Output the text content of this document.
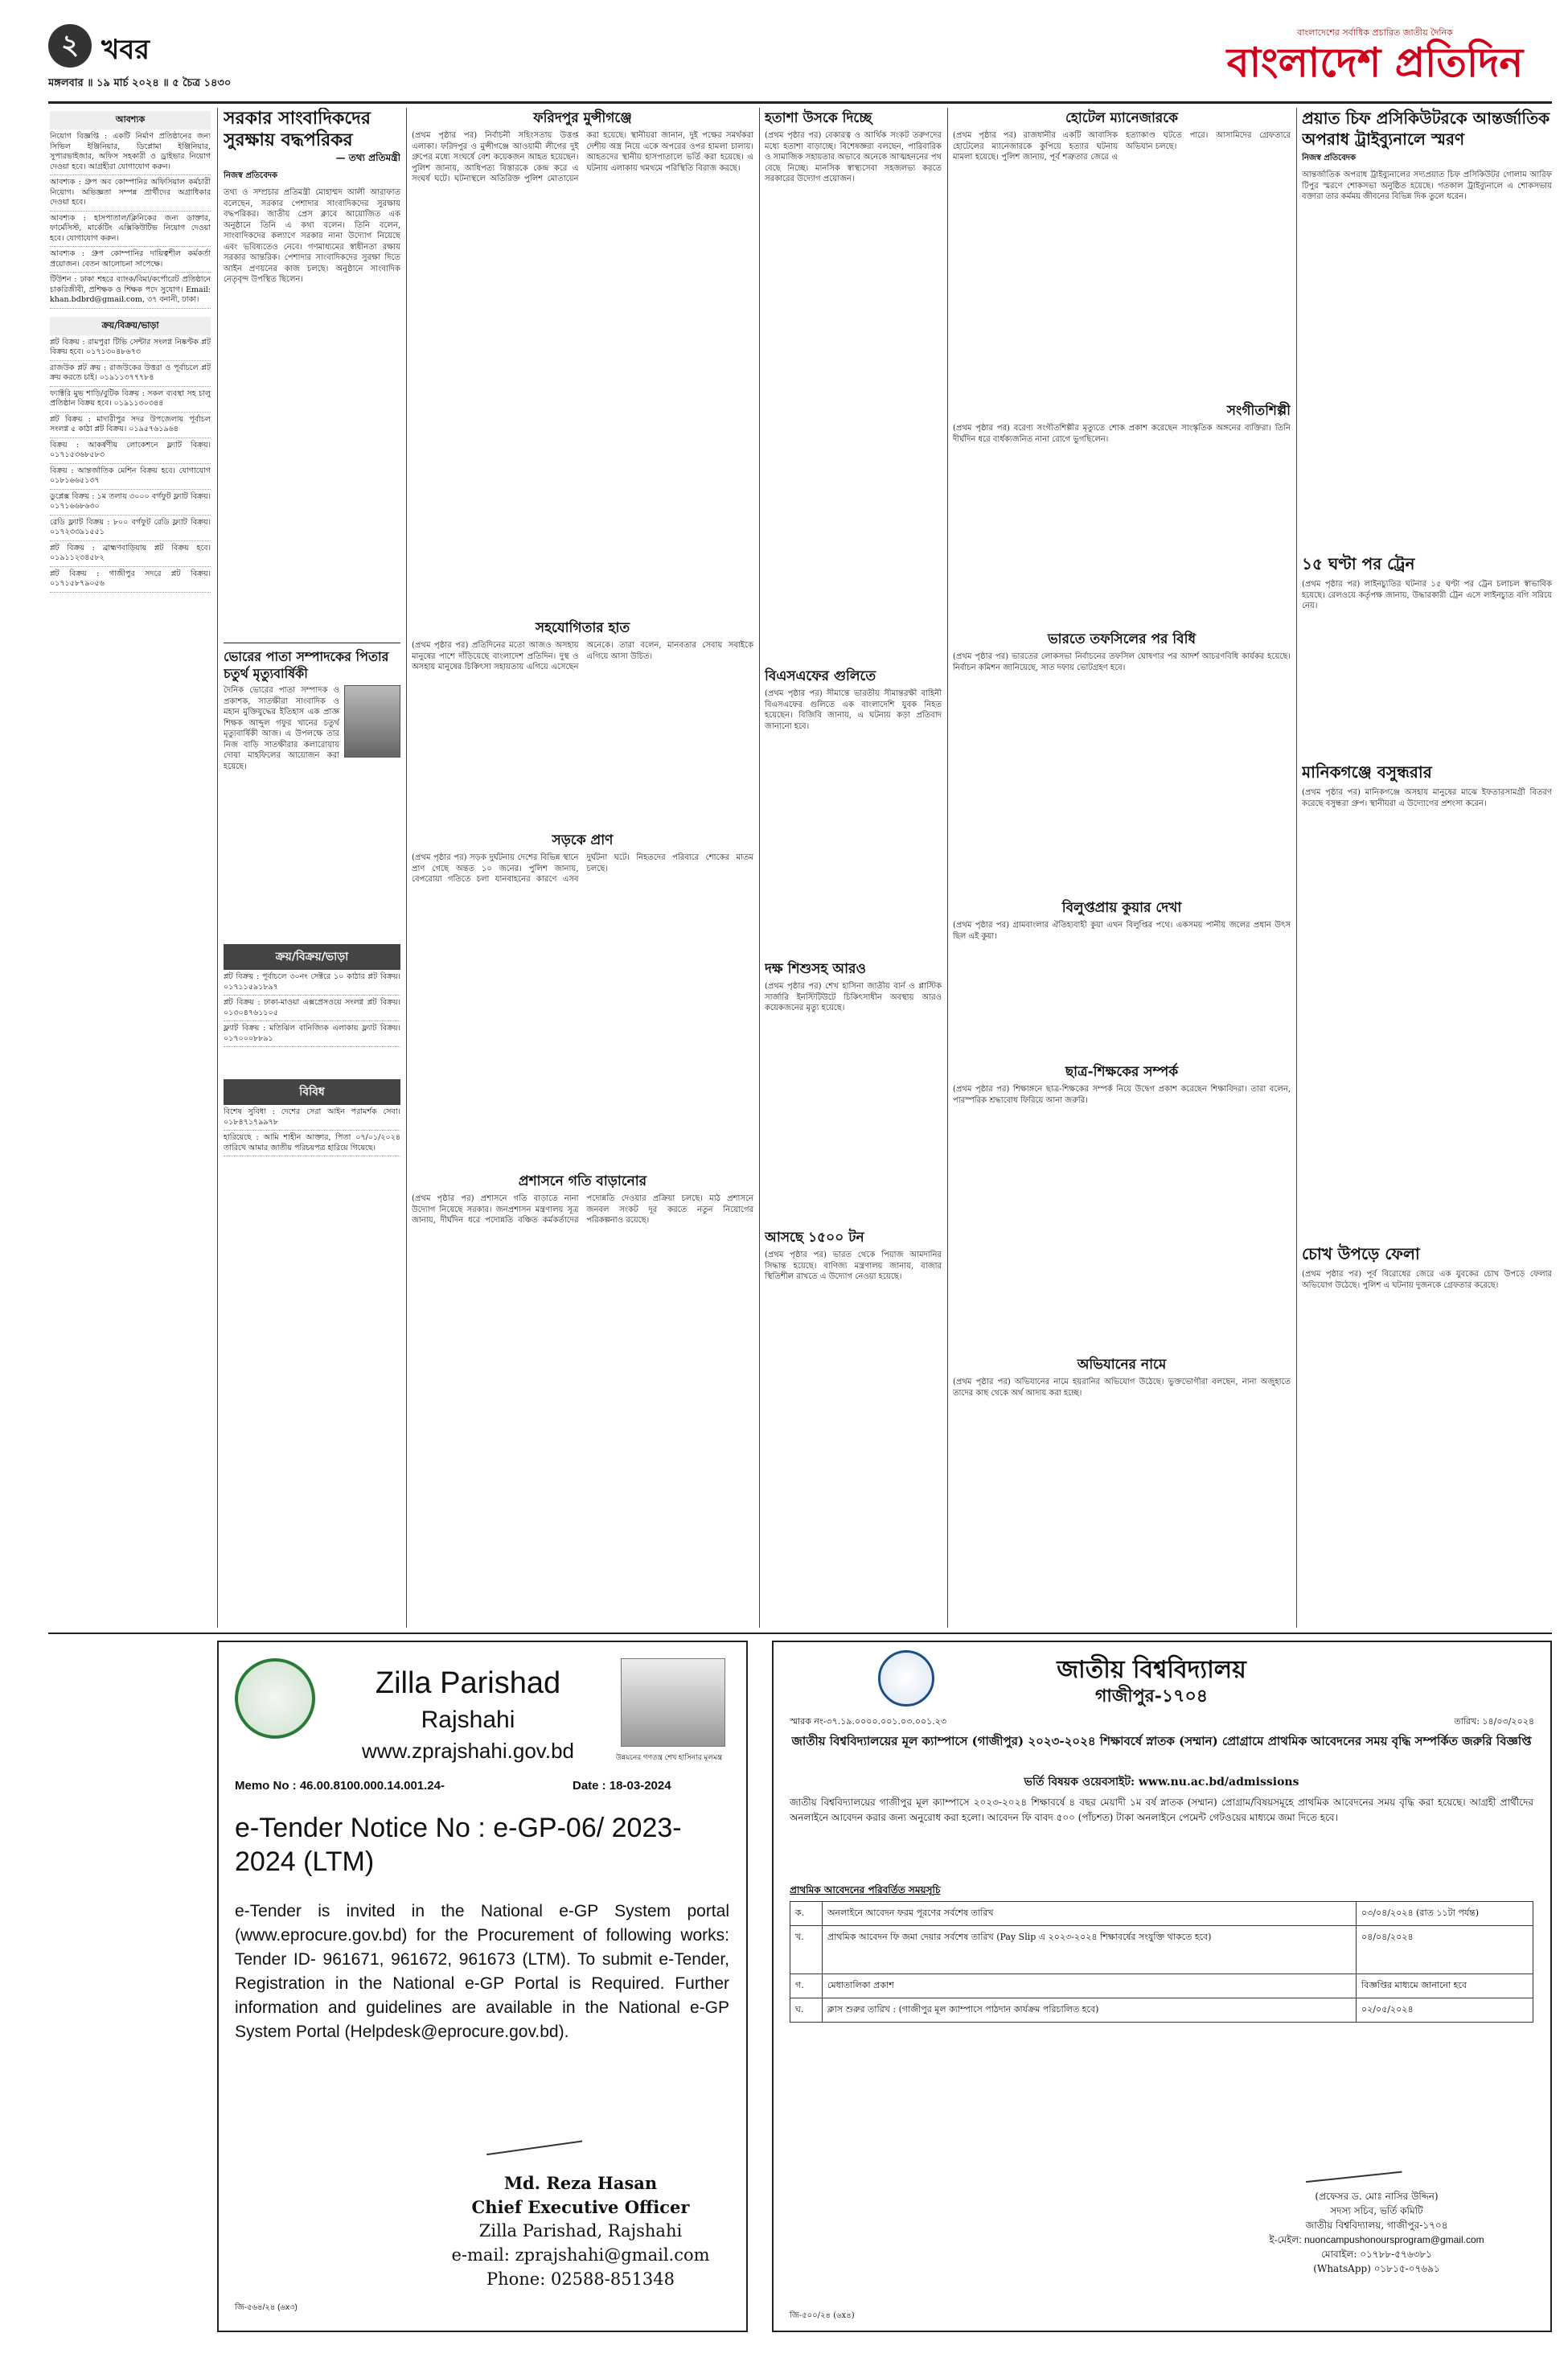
২ খবর
মঙ্গলবার ॥ ১৯ মার্চ ২০২৪ ॥ ৫ চৈত্র ১৪৩০
বাংলাদেশের সর্বাধিক প্রচারিত জাতীয় দৈনিক
বাংলাদেশ প্রতিদিন
আবশ্যক
নিয়োগ বিজ্ঞপ্তি : একটি নির্মাণ প্রতিষ্ঠানের জন্য সিভিল ইঞ্জিনিয়ার, ডিপ্লোমা ইঞ্জিনিয়ার, সুপারভাইজার, অফিস সহকারী ও ড্রাইভার নিয়োগ দেওয়া হবে। আগ্রহীরা যোগাযোগ করুন।
আবশ্যক : গ্রুপ অব কোম্পানির অফিসিয়াল কর্মচারী নিয়োগ। অভিজ্ঞতা সম্পন্ন প্রার্থীদের অগ্রাধিকার দেওয়া হবে।
আবশ্যক : হাসপাতাল/ক্লিনিকের জন্য ডাক্তার, ফার্মেসিস্ট, মার্কেটিং এক্সিকিউটিভ নিয়োগ দেওয়া হবে। যোগাযোগ করুন।
আবশ্যক : গ্রুপ কোম্পানির দায়িত্বশীল কর্মকর্তা প্রয়োজন। বেতন আলোচনা সাপেক্ষে।
টিউশন : ঢাকা শহরে ব্যাংক/বিমা/কর্পোরেট প্রতিষ্ঠানে চাকরিজীবী, প্রশিক্ষক ও শিক্ষক পদে সুযোগ। Email: khan.bdbrd@gmail.com, ৩৭ বনানী, ঢাকা।
ক্রয়/বিক্রয়/ভাড়া
প্লট বিক্রয় : রামপুরা টিভি সেন্টার সংলগ্ন নিষ্কণ্টক প্লট বিক্রয় হবে। ০১৭১৩০৪৮৬৭৩
রাজউক প্লট ক্রয় : রাজউকের উত্তরা ও পূর্বাচলে প্লট ক্রয় করতে চাই। ০১৯১১৩৭৭৭৮৪
ফ্যাক্টরি মুভ শাড়ি/বুটিক বিক্রয় : সকল ব্যবস্থা সহ চালু প্রতিষ্ঠান বিক্রয় হবে। ০১৯১১৩০৩৪৪
প্লট বিক্রয় : মাদারীপুর সদর উপজেলায় পূর্বাচল সংলগ্ন ৫ কাঠা প্লট বিক্রয়। ০১৯৫৭৬১৯৬৪
বিক্রয় : আকর্ষণীয় লোকেশনে ফ্ল্যাট বিক্রয়। ০১৭১৫৩৬৮৫৮৩
বিক্রয় : আন্তর্জাতিক মেশিন বিক্রয় হবে। যোগাযোগ ০১৮১৬৬৫১৩৭
ডুপ্লেক্স বিক্রয় : ১ম তলায় ৩০০০ বর্গফুট ফ্ল্যাট বিক্রয়। ০১৭১৬৬৮৬৩০
রেডি ফ্ল্যাট বিক্রয় : ৮০০ বর্গফুট রেডি ফ্ল্যাট বিক্রয়। ০১৭২৩৩৯১৫৫১
প্লট বিক্রয় : ব্রাহ্মণবাড়িয়ায় প্লট বিক্রয় হবে। ০১৯১১২৩৪৫৮২
প্লট বিক্রয় : গাজীপুর সদরে প্লট বিক্রয়। ০১৭১৫৮৭৯০৫৬
সরকার সাংবাদিকদের সুরক্ষায় বদ্ধপরিকর
— তথ্য প্রতিমন্ত্রী
নিজস্ব প্রতিবেদক
তথ্য ও সম্প্রচার প্রতিমন্ত্রী মোহাম্মদ আলী আরাফাত বলেছেন, সরকার পেশাদার সাংবাদিকদের সুরক্ষায় বদ্ধপরিকর। জাতীয় প্রেস ক্লাবে আয়োজিত এক অনুষ্ঠানে তিনি এ কথা বলেন। তিনি বলেন, সাংবাদিকদের কল্যাণে সরকার নানা উদ্যোগ নিয়েছে এবং ভবিষ্যতেও নেবে। গণমাধ্যমের স্বাধীনতা রক্ষায় সরকার আন্তরিক। পেশাদার সাংবাদিকদের সুরক্ষা দিতে আইন প্রণয়নের কাজ চলছে। অনুষ্ঠানে সাংবাদিক নেতৃবৃন্দ উপস্থিত ছিলেন।
ভোরের পাতা সম্পাদকের পিতার চতুর্থ মৃত্যুবার্ষিকী
দৈনিক ভোরের পাতা সম্পাদক ও প্রকাশক, সাতক্ষীরা সাংবাদিক ও মহান মুক্তিযুদ্ধের ইতিহাস এক প্রাজ্ঞ শিক্ষক আব্দুল গফুর খানের চতুর্থ মৃত্যুবার্ষিকী আজ। এ উপলক্ষে তার নিজ বাড়ি সাতক্ষীরার কলারোয়ায় দোয়া মাহফিলের আয়োজন করা হয়েছে।
ক্রয়/বিক্রয়/ভাড়া
প্লট বিক্রয় : পূর্বাচলে ৩০নং সেক্টরে ১০ কাঠার প্লট বিক্রয়। ০১৭১১৫৯১৮৯৭
প্লট বিক্রয় : ঢাকা-মাওয়া এক্সপ্রেসওয়ে সংলগ্ন প্লট বিক্রয়। ০১৩০৪৭৬১১০৫
ফ্ল্যাট বিক্রয় : মতিঝিল বানিজ্যিক এলাকায় ফ্ল্যাট বিক্রয়। ০১৭০০০৮৮৯১
বিবিধ
বিশেষ সুবিধা : দেশের সেরা আইন পরামর্শক সেবা। ০১৮৪৭১৭৯৯৭৮
হারিয়েছে : আমি শাহীন আক্তার, পিতা ০৭/০১/২০২৪ তারিখে আমার জাতীয় পরিচয়পত্র হারিয়ে গিয়েছে।
ফরিদপুর মুন্সীগঞ্জে
(প্রথম পৃষ্ঠার পর) নির্বাচনী সহিংসতায় উত্তপ্ত এলাকা। ফরিদপুর ও মুন্সীগঞ্জে আওয়ামী লীগের দুই গ্রুপের মধ্যে সংঘর্ষে বেশ কয়েকজন আহত হয়েছেন। পুলিশ জানায়, আধিপত্য বিস্তারকে কেন্দ্র করে এ সংঘর্ষ ঘটে। ঘটনাস্থলে অতিরিক্ত পুলিশ মোতায়েন করা হয়েছে। স্থানীয়রা জানান, দুই পক্ষের সমর্থকরা দেশীয় অস্ত্র নিয়ে একে অপরের ওপর হামলা চালায়। আহতদের স্থানীয় হাসপাতালে ভর্তি করা হয়েছে। এ ঘটনায় এলাকায় থমথমে পরিস্থিতি বিরাজ করছে।
সহযোগিতার হাত
(প্রথম পৃষ্ঠার পর) প্রতিদিনের মতো আজও অসহায় মানুষের পাশে দাঁড়িয়েছে বাংলাদেশ প্রতিদিন। দুস্থ ও অসহায় মানুষের চিকিৎসা সহায়তায় এগিয়ে এসেছেন অনেকে। তারা বলেন, মানবতার সেবায় সবাইকে এগিয়ে আসা উচিত।
সড়কে প্রাণ
(প্রথম পৃষ্ঠার পর) সড়ক দুর্ঘটনায় দেশের বিভিন্ন স্থানে প্রাণ গেছে অন্তত ১০ জনের। পুলিশ জানায়, বেপরোয়া গতিতে চলা যানবাহনের কারণে এসব দুর্ঘটনা ঘটে। নিহতদের পরিবারে শোকের মাতম চলছে।
প্রশাসনে গতি বাড়ানোর
(প্রথম পৃষ্ঠার পর) প্রশাসনে গতি বাড়াতে নানা উদ্যোগ নিয়েছে সরকার। জনপ্রশাসন মন্ত্রণালয় সূত্র জানায়, দীর্ঘদিন ধরে পদোন্নতি বঞ্চিত কর্মকর্তাদের পদোন্নতি দেওয়ার প্রক্রিয়া চলছে। মাঠ প্রশাসনে জনবল সংকট দূর করতে নতুন নিয়োগের পরিকল্পনাও রয়েছে।
হতাশা উসকে দিচ্ছে
(প্রথম পৃষ্ঠার পর) বেকারত্ব ও আর্থিক সংকট তরুণদের মধ্যে হতাশা বাড়াচ্ছে। বিশেষজ্ঞরা বলছেন, পারিবারিক ও সামাজিক সহায়তার অভাবে অনেকে আত্মহননের পথ বেছে নিচ্ছে। মানসিক স্বাস্থ্যসেবা সহজলভ্য করতে সরকারের উদ্যোগ প্রয়োজন।
বিএসএফের গুলিতে
(প্রথম পৃষ্ঠার পর) সীমান্তে ভারতীয় সীমান্তরক্ষী বাহিনী বিএসএফের গুলিতে এক বাংলাদেশি যুবক নিহত হয়েছেন। বিজিবি জানায়, এ ঘটনায় কড়া প্রতিবাদ জানানো হবে।
দক্ষ শিশুসহ আরও
(প্রথম পৃষ্ঠার পর) শেখ হাসিনা জাতীয় বার্ন ও প্লাস্টিক সার্জারি ইনস্টিটিউটে চিকিৎসাধীন অবস্থায় আরও কয়েকজনের মৃত্যু হয়েছে।
আসছে ১৫০০ টন
(প্রথম পৃষ্ঠার পর) ভারত থেকে পিয়াজ আমদানির সিদ্ধান্ত হয়েছে। বাণিজ্য মন্ত্রণালয় জানায়, বাজার স্থিতিশীল রাখতে এ উদ্যোগ নেওয়া হয়েছে।
হোটেল ম্যানেজারকে
(প্রথম পৃষ্ঠার পর) রাজধানীর একটি আবাসিক হোটেলের ম্যানেজারকে কুপিয়ে হত্যার ঘটনায় মামলা হয়েছে। পুলিশ জানায়, পূর্ব শত্রুতার জেরে এ হত্যাকাণ্ড ঘটতে পারে। আসামিদের গ্রেফতারে অভিযান চলছে।
সংগীতশিল্পী
(প্রথম পৃষ্ঠার পর) বরেণ্য সংগীতশিল্পীর মৃত্যুতে শোক প্রকাশ করেছেন সাংস্কৃতিক অঙ্গনের ব্যক্তিরা। তিনি দীর্ঘদিন ধরে বার্ধক্যজনিত নানা রোগে ভুগছিলেন।
ভারতে তফসিলের পর বিধি
(প্রথম পৃষ্ঠার পর) ভারতের লোকসভা নির্বাচনের তফসিল ঘোষণার পর আদর্শ আচরণবিধি কার্যকর হয়েছে। নির্বাচন কমিশন জানিয়েছে, সাত দফায় ভোটগ্রহণ হবে।
বিলুপ্তপ্রায় কুয়ার দেখা
(প্রথম পৃষ্ঠার পর) গ্রামবাংলার ঐতিহ্যবাহী কুয়া এখন বিলুপ্তির পথে। একসময় পানীয় জলের প্রধান উৎস ছিল এই কুয়া।
ছাত্র-শিক্ষকের সম্পর্ক
(প্রথম পৃষ্ঠার পর) শিক্ষাঙ্গনে ছাত্র-শিক্ষকের সম্পর্ক নিয়ে উদ্বেগ প্রকাশ করেছেন শিক্ষাবিদরা। তারা বলেন, পারস্পরিক শ্রদ্ধাবোধ ফিরিয়ে আনা জরুরি।
অভিযানের নামে
(প্রথম পৃষ্ঠার পর) অভিযানের নামে হয়রানির অভিযোগ উঠেছে। ভুক্তভোগীরা বলছেন, নানা অজুহাতে তাদের কাছ থেকে অর্থ আদায় করা হচ্ছে।
প্রয়াত চিফ প্রসিকিউটরকে আন্তর্জাতিক অপরাধ ট্রাইব্যুনালে স্মরণ
নিজস্ব প্রতিবেদক
আন্তর্জাতিক অপরাধ ট্রাইব্যুনালের সদ্যপ্রয়াত চিফ প্রসিকিউটর গোলাম আরিফ টিপুর স্মরণে শোকসভা অনুষ্ঠিত হয়েছে। গতকাল ট্রাইব্যুনালে এ শোকসভায় বক্তারা তার কর্মময় জীবনের বিভিন্ন দিক তুলে ধরেন।
১৫ ঘণ্টা পর ট্রেন
(প্রথম পৃষ্ঠার পর) লাইনচ্যুতির ঘটনার ১৫ ঘণ্টা পর ট্রেন চলাচল স্বাভাবিক হয়েছে। রেলওয়ে কর্তৃপক্ষ জানায়, উদ্ধারকারী ট্রেন এসে লাইনচ্যুত বগি সরিয়ে নেয়।
মানিকগঞ্জে বসুন্ধরার
(প্রথম পৃষ্ঠার পর) মানিকগঞ্জে অসহায় মানুষের মাঝে ইফতারসামগ্রী বিতরণ করেছে বসুন্ধরা গ্রুপ। স্থানীয়রা এ উদ্যোগের প্রশংসা করেন।
চোখ উপড়ে ফেলা
(প্রথম পৃষ্ঠার পর) পূর্ব বিরোধের জেরে এক যুবকের চোখ উপড়ে ফেলার অভিযোগ উঠেছে। পুলিশ এ ঘটনায় দুজনকে গ্রেফতার করেছে।
উন্নয়নের গণতন্ত্র শেখ হাসিনার মূলমন্ত্র
Zilla Parishad
Rajshahi
www.zprajshahi.gov.bd
Memo No : 46.00.8100.000.14.001.24-	Date : 18-03-2024
e-Tender Notice No : e-GP-06/ 2023-2024 (LTM)
e-Tender is invited in the National e-GP System portal (www.eprocure.gov.bd) for the Procurement of following works: Tender ID- 961671, 961672, 961673 (LTM). To submit e-Tender, Registration in the National e-GP Portal is Required. Further information and guidelines are available in the National e-GP System Portal (Helpdesk@eprocure.gov.bd).
Md. Reza Hasan
Chief Executive Officer
Zilla Parishad, Rajshahi
e-mail: zprajshahi@gmail.com
Phone: 02588-851348
জি-৫৬৪/২৪ (৬x৩)
জাতীয় বিশ্ববিদ্যালয়
গাজীপুর-১৭০৪
স্মারক নং-৩৭.১৯.০০০০.০০১.০৩.০০১.২৩	তারিখ: ১৪/০৩/২০২৪
জাতীয় বিশ্ববিদ্যালয়ের মূল ক্যাম্পাসে (গাজীপুর) ২০২৩-২০২৪ শিক্ষাবর্ষে স্নাতক (সম্মান) প্রোগ্রামে প্রাথমিক আবেদনের সময় বৃদ্ধি সম্পর্কিত জরুরি বিজ্ঞপ্তি
ভর্তি বিষয়ক ওয়েবসাইট: www.nu.ac.bd/admissions
জাতীয় বিশ্ববিদ্যালয়ের গাজীপুর মূল ক্যাম্পাসে ২০২৩-২০২৪ শিক্ষাবর্ষে ৪ বছর মেয়াদী ১ম বর্ষ স্নাতক (সম্মান) প্রোগ্রাম/বিষয়সমূহে প্রাথমিক আবেদনের সময় বৃদ্ধি করা হয়েছে। আগ্রহী প্রার্থীদের অনলাইনে আবেদন করার জন্য অনুরোধ করা হলো। আবেদন ফি বাবদ ৫০০ (পাঁচশত) টাকা অনলাইনে পেমেন্ট গেটওয়ের মাধ্যমে জমা দিতে হবে।
প্রাথমিক আবেদনের পরিবর্তিত সময়সূচি
ক.	অনলাইনে আবেদন ফরম পূরণের সর্বশেষ তারিখ	০৩/০৪/২০২৪ (রাত ১১টা পর্যন্ত)
খ.	প্রাথমিক আবেদন ফি জমা দেয়ার সর্বশেষ তারিখ (Pay Slip এ ২০২৩-২০২৪ শিক্ষাবর্ষের সংযুক্তি থাকতে হবে)	০৪/০৪/২০২৪
গ.	মেধাতালিকা প্রকাশ	বিজ্ঞপ্তির মাধ্যমে জানানো হবে
ঘ.	ক্লাস শুরুর তারিখ : (গাজীপুর মূল ক্যাম্পাসে পাঠদান কার্যক্রম পরিচালিত হবে)	০২/০৫/২০২৪
(প্রফেসর ড. মোঃ নাসির উদ্দিন)
সদস্য সচিব, ভর্তি কমিটি
জাতীয় বিশ্ববিদ্যালয়, গাজীপুর-১৭০৪
ই-মেইল: nuoncampushonoursprogram@gmail.com
মোবাইল: ০১৭৮৮-৫৭৬৩৮১
(WhatsApp) ০১৮১৫-০৭৬৯১
জি-৫০০/২৪ (৬x৪)
